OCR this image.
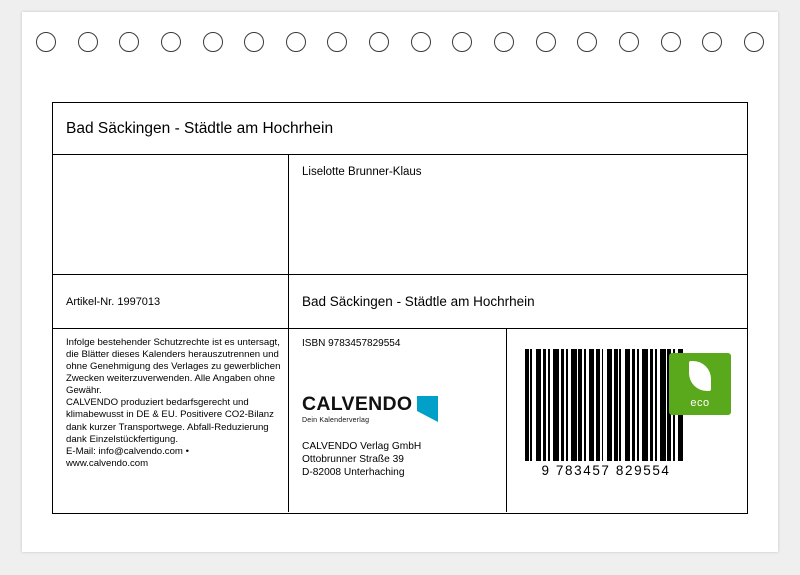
Bad Säckingen - Städtle am Hochrhein
Liselotte Brunner-Klaus
Artikel-Nr. 1997013	Bad Säckingen - Städtle am Hochrhein

Infolge bestehender Schutzrechte ist es untersagt, die Blätter dieses Kalenders herauszutrennen und ohne Genehmigung des Verlages zu gewerblichen Zwecken weiterzuverwenden. Alle Angaben ohne Gewähr.

CALVENDO produziert bedarfsgerecht und klimabewusst in DE & EU. Positivere CO2-Bilanz dank kurzer Transportwege. Abfall-Reduzierung dank Einzelstückfertigung.

E-Mail: info@calvendo.com •

www.calvendo.com

ISBN 9783457829554
CALVENDO
Dein Kalenderverlag
CALVENDO Verlag GmbH
Ottobrunner Straße 39
D-82008 Unterhaching	9 783457 829554
eco
